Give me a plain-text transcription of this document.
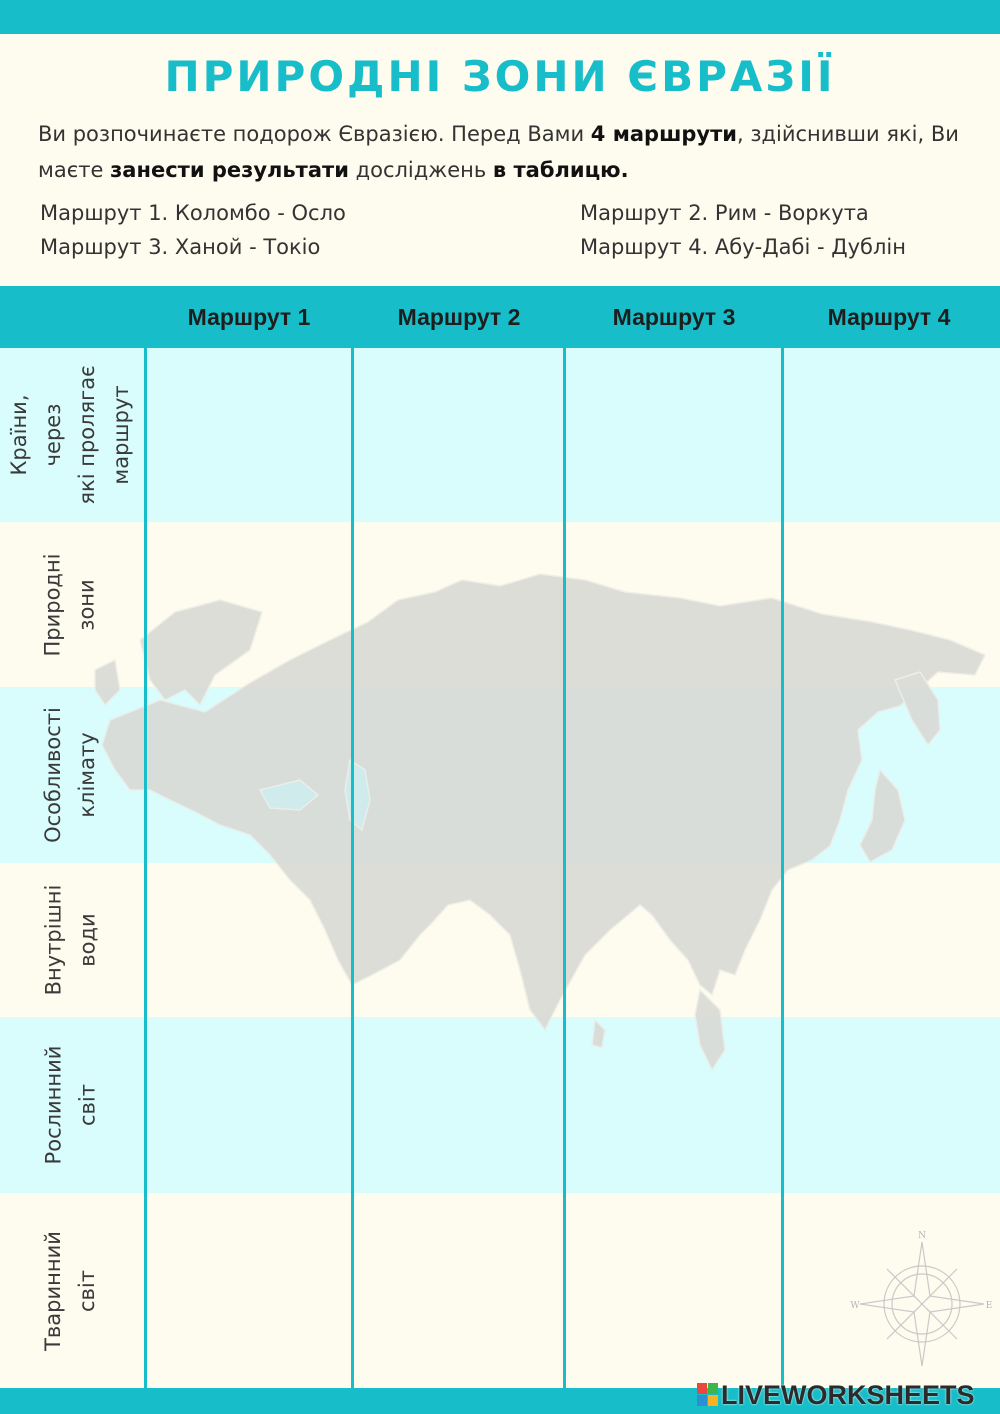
ПРИРОДНІ ЗОНИ ЄВРАЗІЇ
Ви розпочинаєте подорож Євразією. Перед Вами 4 маршрути, здійснивши які, Ви маєте занести результати досліджень в таблицю.
Маршрут 1. Коломбо - Осло	Маршрут 2. Рим - Воркута
Маршрут 3. Ханой - Токіо	Маршрут 4. Абу-Дабі - Дублін
Маршрут 1	Маршрут 2	Маршрут 3	Маршрут 4
Країни, через
які пролягає
маршрут
Природні
зони
Особливості
клімату
Внутрішні
води
Рослинний
світ
Тваринний
світ
N
E
W
LIVEWORKSHEETS
